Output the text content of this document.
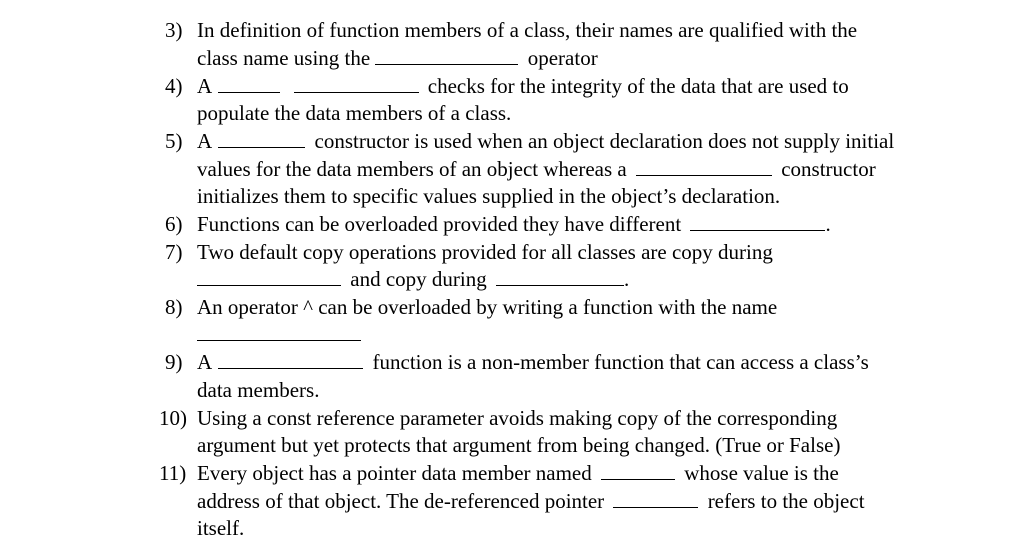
3) In definition of function members of a class, their names are qualified with the
class name using the	operator
4) A	checks for the integrity of the data that are used to
populate the data members of a class.
5) A	constructor is used when an object declaration does not supply initial
values for the data members of an object whereas a	constructor
initializes them to specific values supplied in the object’s declaration.
6) Functions can be overloaded provided they have different	.
7) Two default copy operations provided for all classes are copy during
and copy during	.
8) An operator ^ can be overloaded by writing a function with the name
9) A	function is a non-member function that can access a class’s
data members.
10) Using a const reference parameter avoids making copy of the corresponding
argument but yet protects that argument from being changed. (True or False)
11) Every object has a pointer data member named	whose value is the
address of that object. The de-referenced pointer	refers to the object
itself.
